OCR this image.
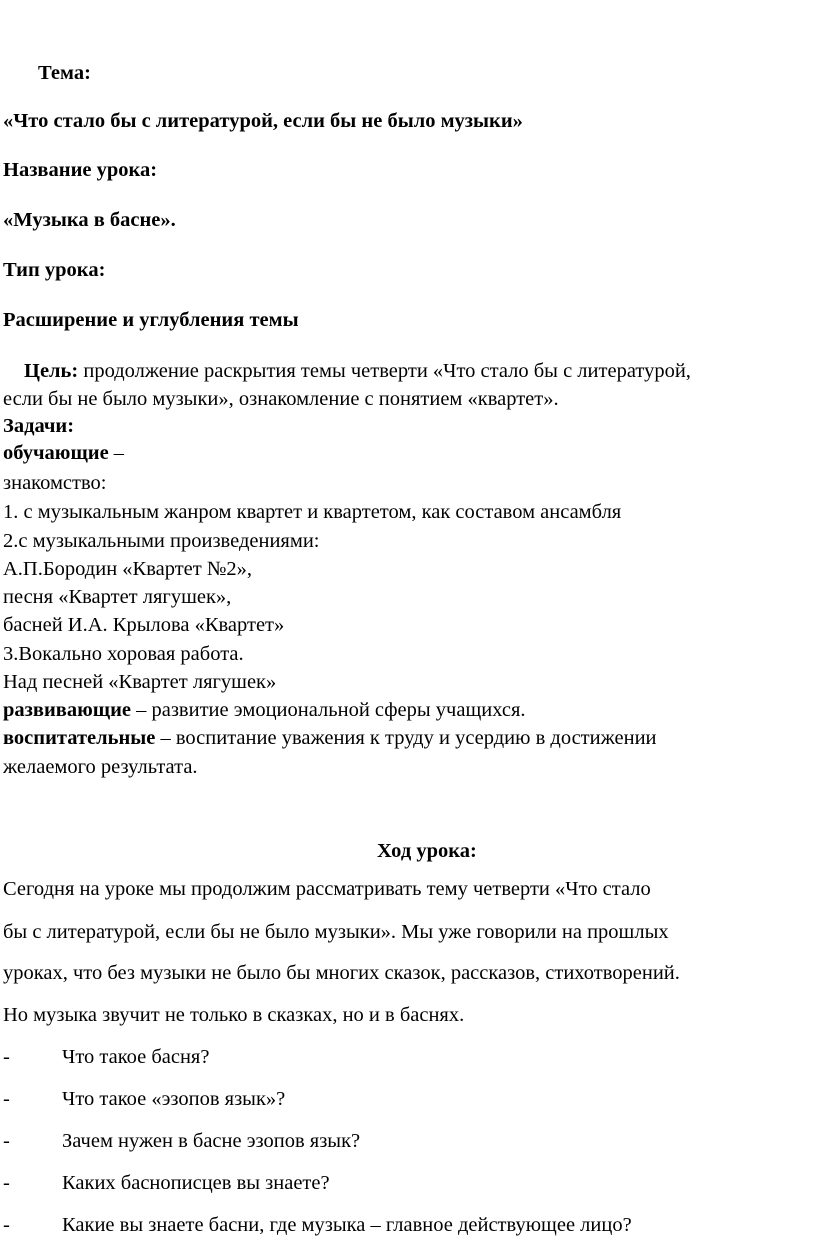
Тема:
«Что стало бы с литературой, если бы не было музыки»
Название урока:
«Музыка в басне».
Тип урока:
Расширение и углубления темы
Цель: продолжение раскрытия темы четверти «Что стало бы с литературой,
если бы не было музыки», ознакомление с понятием «квартет».
Задачи:
обучающие –
знакомство:
1. с музыкальным жанром квартет и квартетом, как составом ансамбля
2.с музыкальными произведениями:
А.П.Бородин «Квартет №2»,
песня «Квартет лягушек»,
басней И.А. Крылова «Квартет»
3.Вокально хоровая работа.
Над песней «Квартет лягушек»
развивающие – развитие эмоциональной сферы учащихся.
воспитательные – воспитание уважения к труду и усердию в достижении
желаемого результата.
Ход урока:
Сегодня на уроке мы продолжим рассматривать тему четверти «Что стало
бы с литературой, если бы не было музыки». Мы уже говорили на прошлых
уроках, что без музыки не было бы многих сказок, рассказов, стихотворений.
Но музыка звучит не только в сказках, но и в баснях.
-	Что такое басня?
-	Что такое «эзопов язык»?
-	Зачем нужен в басне эзопов язык?
-	Каких баснописцев вы знаете?
-	Какие вы знаете басни, где музыка – главное действующее лицо?
